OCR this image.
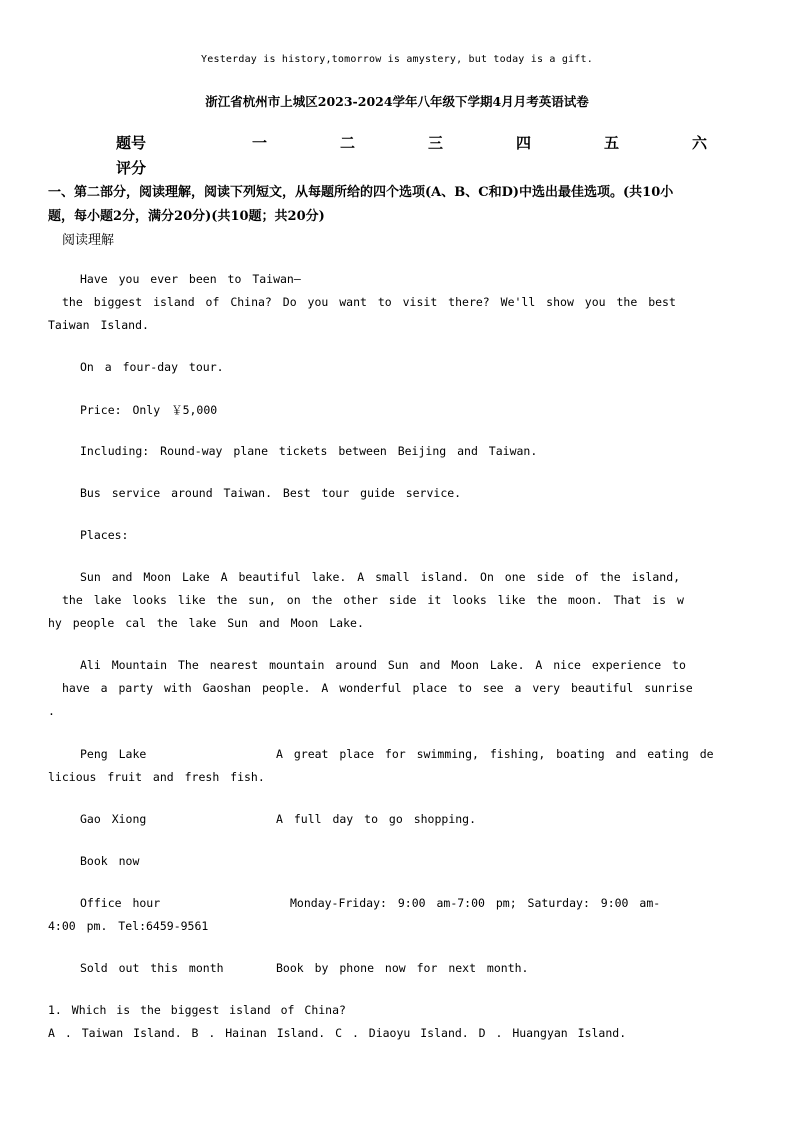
Yesterday is history,tomorrow is amystery, but today is a gift.
浙江省杭州市上城区2023-2024学年八年级下学期4月月考英语试卷
题号	一	二	三	四	五	六
评分
一、第二部分，阅读理解，阅读下列短文，从每题所给的四个选项(A、B、C和D)中选出最佳选项。(共10小
题，每小题2分，满分20分)(共10题；共20分)
阅读理解
Have you ever been to Taiwan—
the biggest island of China? Do you want to visit there? We'll show you the best
Taiwan Island.
On a four-day tour.
Price: Only ￥5,000
Including: Round-way plane tickets between Beijing and Taiwan.
Bus service around Taiwan. Best tour guide service.
Places:
Sun and Moon Lake A beautiful lake. A small island. On one side of the island,
the lake looks like the sun, on the other side it looks like the moon. That is w
hy people cal the lake Sun and Moon Lake.
Ali Mountain The nearest mountain around Sun and Moon Lake. A nice experience to
have a party with Gaoshan people. A wonderful place to see a very beautiful sunrise
.
Peng Lake	A great place for swimming, fishing, boating and eating de
licious fruit and fresh fish.
Gao Xiong	A full day to go shopping.
Book now
Office hour	Monday-Friday: 9:00 am-7:00 pm; Saturday: 9:00 am-
4:00 pm. Tel:6459-9561
Sold out this month	Book by phone now for next month.
1. Which is the biggest island of China?
A . Taiwan Island. B . Hainan Island. C . Diaoyu Island. D . Huangyan Island.
